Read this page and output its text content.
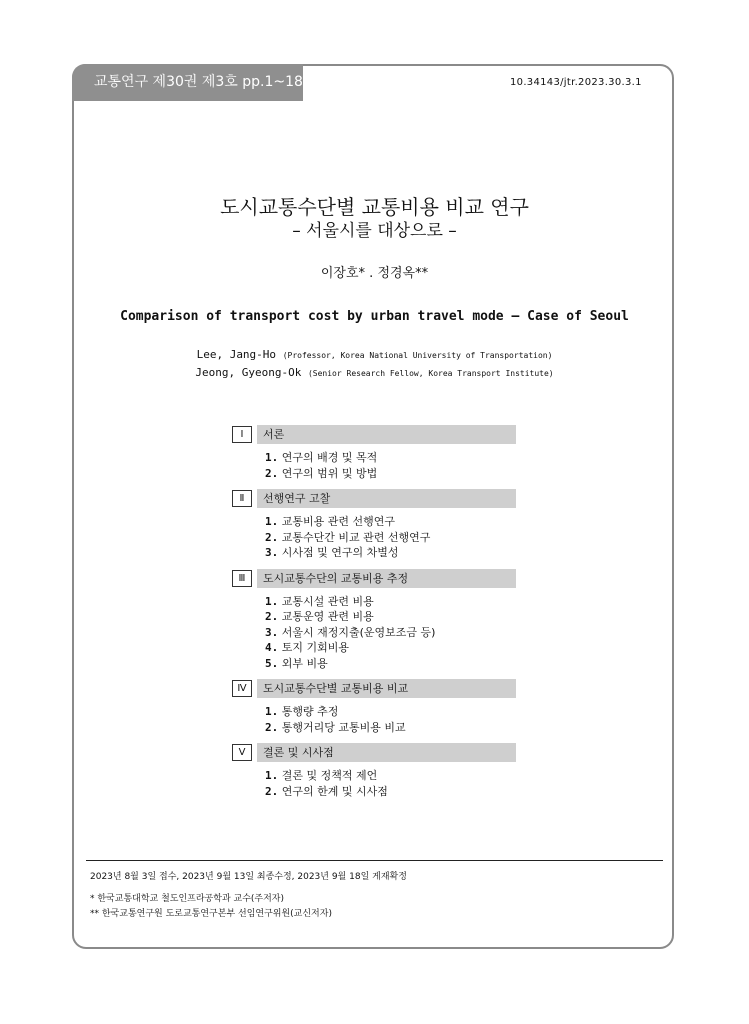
교통연구 제30권 제3호 pp.1~18	10.34143/jtr.2023.30.3.1
도시교통수단별 교통비용 비교 연구
– 서울시를 대상으로 –
이장호* . 정경옥**
Comparison of transport cost by urban travel mode – Case of Seoul
Lee, Jang-Ho (Professor, Korea National University of Transportation)
Jeong, Gyeong-Ok (Senior Research Fellow, Korea Transport Institute)
Ⅰ	서론
1. 연구의 배경 및 목적
2. 연구의 범위 및 방법
Ⅱ	선행연구 고찰
1. 교통비용 관련 선행연구
2. 교통수단간 비교 관련 선행연구
3. 시사점 및 연구의 차별성
Ⅲ	도시교통수단의 교통비용 추정
1. 교통시설 관련 비용
2. 교통운영 관련 비용
3. 서울시 재정지출(운영보조금 등)
4. 토지 기회비용
5. 외부 비용
Ⅳ	도시교통수단별 교통비용 비교
1. 통행량 추정
2. 통행거리당 교통비용 비교
Ⅴ	결론 및 시사점
1. 결론 및 정책적 제언
2. 연구의 한계 및 시사점
2023년 8월 3일 접수, 2023년 9월 13일 최종수정, 2023년 9월 18일 게재확정
* 한국교통대학교 철도인프라공학과 교수(주저자)
** 한국교통연구원 도로교통연구본부 선임연구위원(교신저자)
